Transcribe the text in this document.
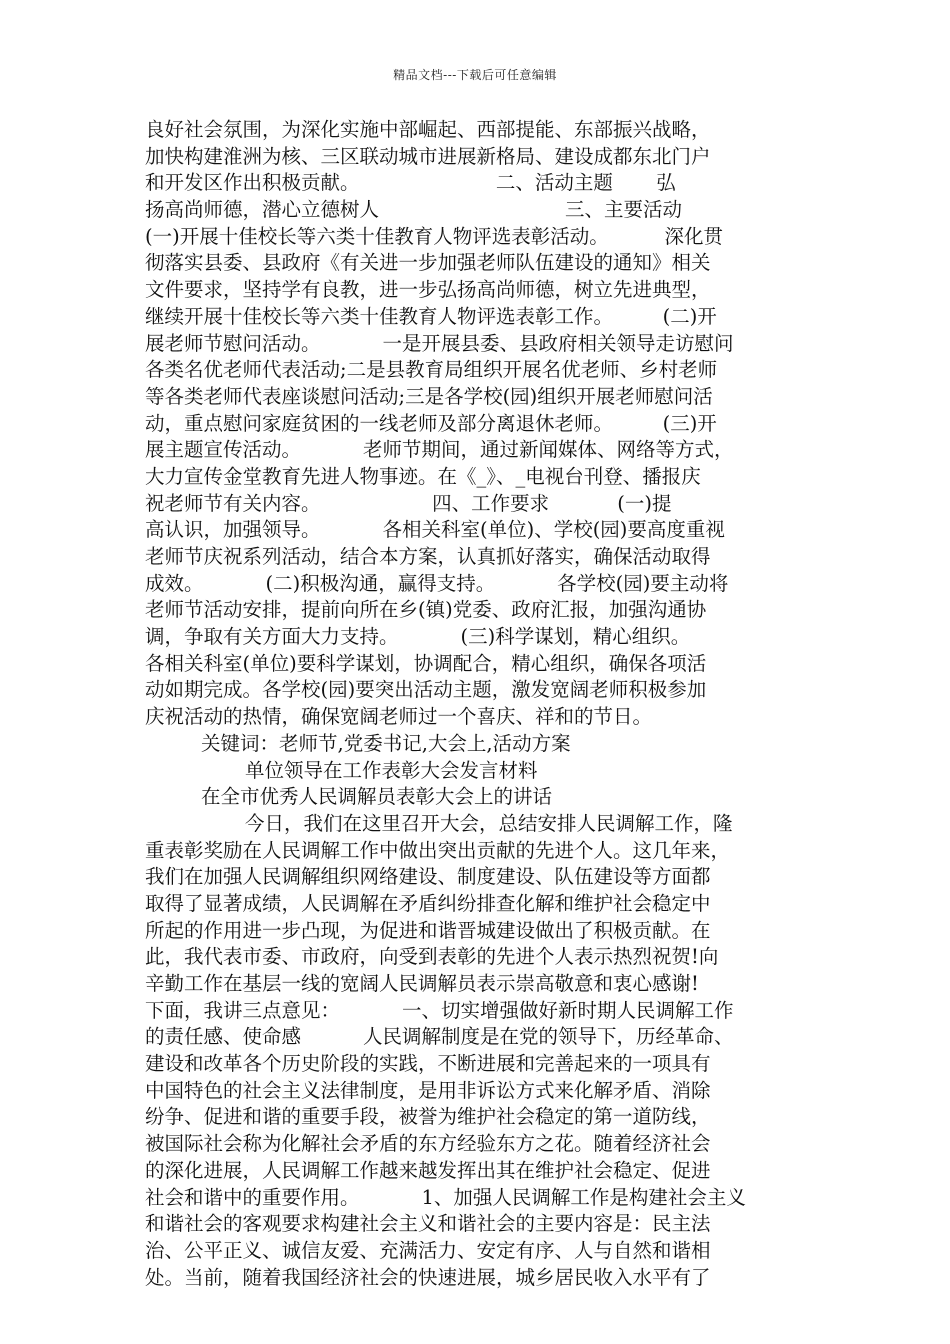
精品文档---下载后可任意编辑
良好社会氛围，为深化实施中部崛起、西部提能、东部振兴战略，
加快构建淮洲为核、三区联动城市进展新格局、建设成都东北门户
和开发区作出积极贡献。                      二、活动主题       弘
扬高尚师德，潜心立德树人                              三、主要活动
(一)开展十佳校长等六类十佳教育人物评选表彰活动。         深化贯
彻落实县委、县政府《有关进一步加强老师队伍建设的通知》相关
文件要求，坚持学有良教，进一步弘扬高尚师德，树立先进典型，
继续开展十佳校长等六类十佳教育人物评选表彰工作。        (二)开
展老师节慰问活动。          一是开展县委、县政府相关领导走访慰问
各类名优老师代表活动;二是县教育局组织开展名优老师、乡村老师
等各类老师代表座谈慰问活动;三是各学校(园)组织开展老师慰问活
动，重点慰问家庭贫困的一线老师及部分离退休老师。        (三)开
展主题宣传活动。          老师节期间，通过新闻媒体、网络等方式，
大力宣传金堂教育先进人物事迹。在《_》、_电视台刊登、播报庆
祝老师节有关内容。                  四、工作要求           (一)提
高认识，加强领导。          各相关科室(单位)、学校(园)要高度重视
老师节庆祝系列活动，结合本方案，认真抓好落实，确保活动取得
成效。          (二)积极沟通，赢得支持。          各学校(园)要主动将
老师节活动安排，提前向所在乡(镇)党委、政府汇报，加强沟通协
调，争取有关方面大力支持。          (三)科学谋划，精心组织。
各相关科室(单位)要科学谋划，协调配合，精心组织，确保各项活
动如期完成。各学校(园)要突出活动主题，激发宽阔老师积极参加
庆祝活动的热情，确保宽阔老师过一个喜庆、祥和的节日。
关键词：老师节,党委书记,大会上,活动方案
单位领导在工作表彰大会发言材料
在全市优秀人民调解员表彰大会上的讲话
今日，我们在这里召开大会，总结安排人民调解工作，隆
重表彰奖励在人民调解工作中做出突出贡献的先进个人。这几年来，
我们在加强人民调解组织网络建设、制度建设、队伍建设等方面都
取得了显著成绩，人民调解在矛盾纠纷排查化解和维护社会稳定中
所起的作用进一步凸现，为促进和谐晋城建设做出了积极贡献。在
此，我代表市委、市政府，向受到表彰的先进个人表示热烈祝贺!向
辛勤工作在基层一线的宽阔人民调解员表示崇高敬意和衷心感谢!
下面，我讲三点意见：          一、切实增强做好新时期人民调解工作
的责任感、使命感          人民调解制度是在党的领导下，历经革命、
建设和改革各个历史阶段的实践，不断进展和完善起来的一项具有
中国特色的社会主义法律制度，是用非诉讼方式来化解矛盾、消除
纷争、促进和谐的重要手段，被誉为维护社会稳定的第一道防线，
被国际社会称为化解社会矛盾的东方经验东方之花。随着经济社会
的深化进展，人民调解工作越来越发挥出其在维护社会稳定、促进
社会和谐中的重要作用。          1、加强人民调解工作是构建社会主义
和谐社会的客观要求构建社会主义和谐社会的主要内容是：民主法
治、公平正义、诚信友爱、充满活力、安定有序、人与自然和谐相
处。当前，随着我国经济社会的快速进展，城乡居民收入水平有了
